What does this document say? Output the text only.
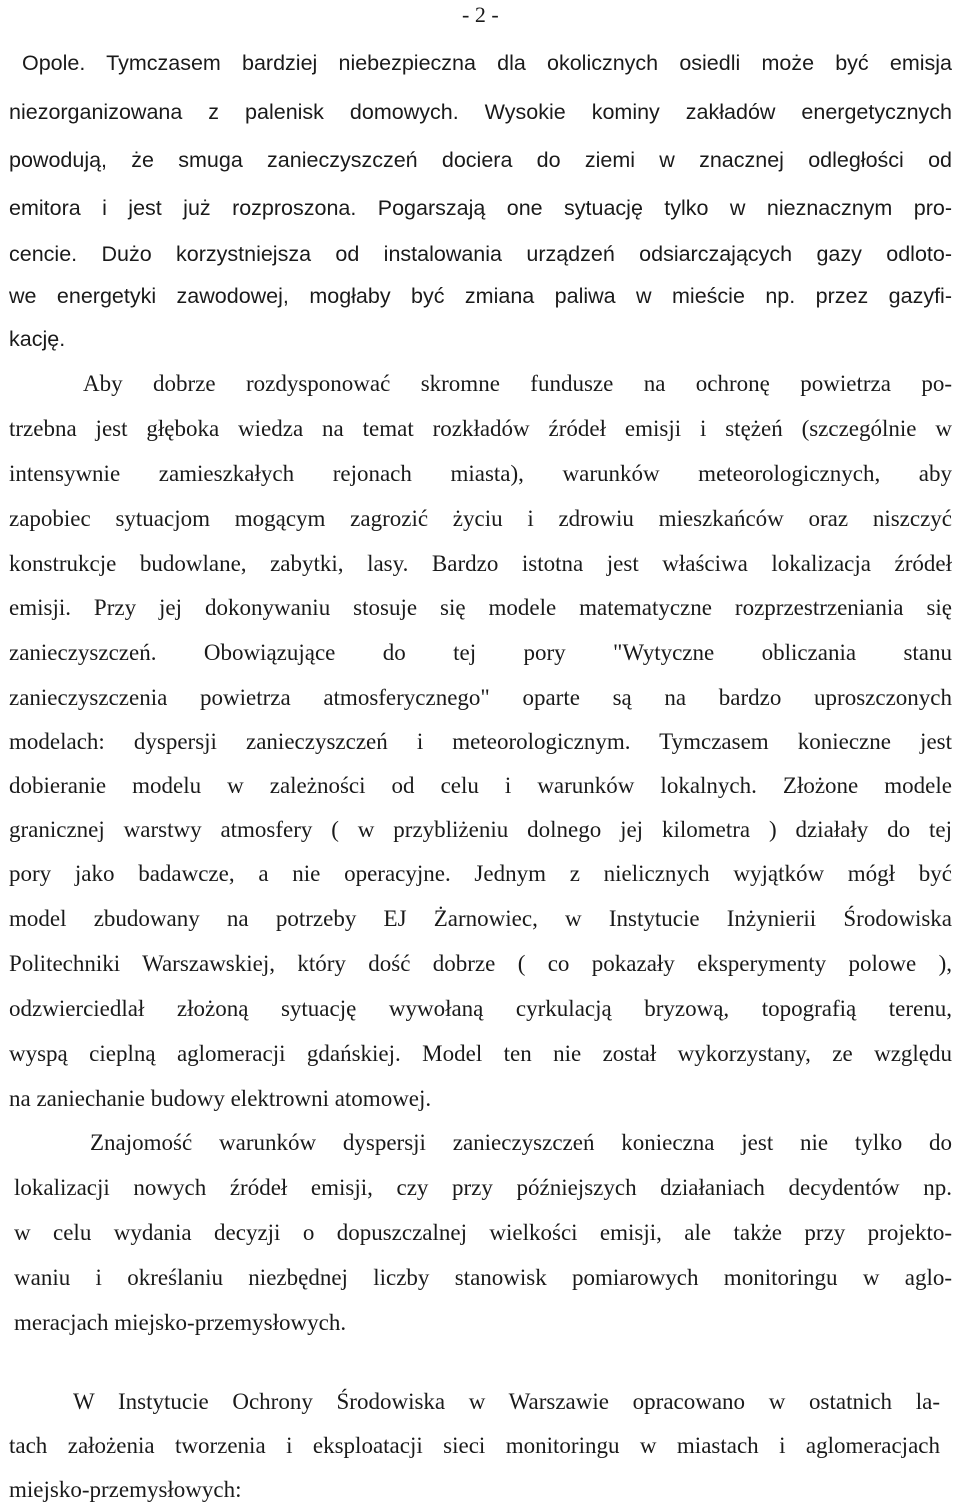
- 2 -
Opole. Tymczasem bardziej niebezpieczna dla okolicznych osiedli może być emisja
niezorganizowana z palenisk domowych. Wysokie kominy zakładów energetycznych
powodują, że smuga zanieczyszczeń dociera do ziemi w znacznej odległości od
emitora i jest już rozproszona. Pogarszają one sytuację tylko w nieznacznym pro-
cencie. Dużo korzystniejsza od instalowania urządzeń odsiarczających gazy odloto-
we energetyki zawodowej, mogłaby być zmiana paliwa w mieście np. przez gazyfi-
kację.
Aby dobrze rozdysponować skromne fundusze na ochronę powietrza po-
trzebna jest głęboka wiedza na temat rozkładów źródeł emisji i stężeń (szczególnie w
intensywnie zamieszkałych rejonach miasta), warunków meteorologicznych, aby
zapobiec sytuacjom mogącym zagrozić życiu i zdrowiu mieszkańców oraz niszczyć
konstrukcje budowlane, zabytki, lasy. Bardzo istotna jest właściwa lokalizacja źródeł
emisji. Przy jej dokonywaniu stosuje się modele matematyczne rozprzestrzeniania się
zanieczyszczeń. Obowiązujące do tej pory "Wytyczne obliczania stanu
zanieczyszczenia powietrza atmosferycznego" oparte są na bardzo uproszczonych
modelach: dyspersji zanieczyszczeń i meteorologicznym. Tymczasem konieczne jest
dobieranie modelu w zależności od celu i warunków lokalnych. Złożone modele
granicznej warstwy atmosfery ( w przybliżeniu dolnego jej kilometra ) działały do tej
pory jako badawcze, a nie operacyjne. Jednym z nielicznych wyjątków mógł być
model zbudowany na potrzeby EJ Żarnowiec, w Instytucie Inżynierii Środowiska
Politechniki Warszawskiej, który dość dobrze ( co pokazały eksperymenty polowe ),
odzwierciedlał złożoną sytuację wywołaną cyrkulacją bryzową, topografią terenu,
wyspą cieplną aglomeracji gdańskiej. Model ten nie został wykorzystany, ze względu
na zaniechanie budowy elektrowni atomowej.
Znajomość warunków dyspersji zanieczyszczeń konieczna jest nie tylko do
lokalizacji nowych źródeł emisji, czy przy późniejszych działaniach decydentów np.
w celu wydania decyzji o dopuszczalnej wielkości emisji, ale także przy projekto-
waniu i określaniu niezbędnej liczby stanowisk pomiarowych monitoringu w aglo-
meracjach miejsko-przemysłowych.
W Instytucie Ochrony Środowiska w Warszawie opracowano w ostatnich la-
tach założenia tworzenia i eksploatacji sieci monitoringu w miastach i aglomeracjach
miejsko-przemysłowych:
